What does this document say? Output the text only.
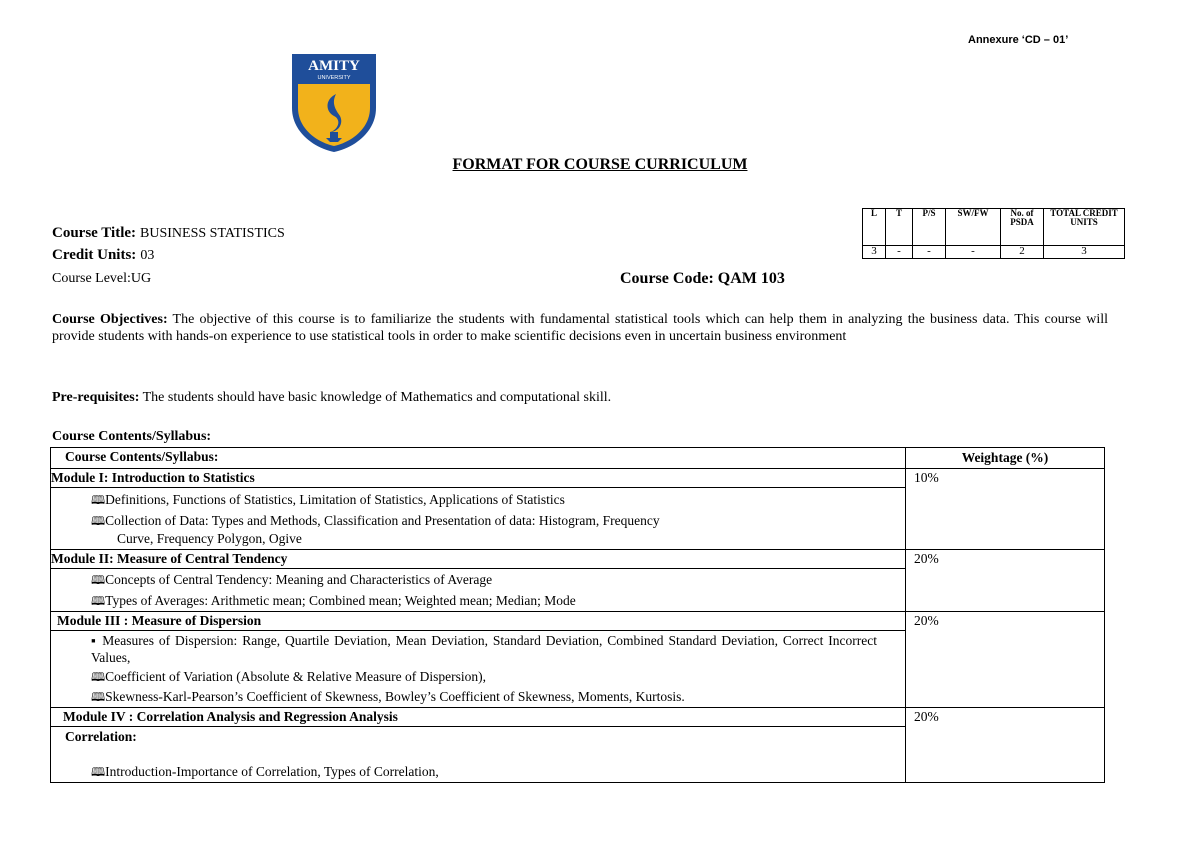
Annexure ‘CD – 01’
AMITY
UNIVERSITY
FORMAT FOR COURSE CURRICULUM
Course Title: BUSINESS STATISTICS
Credit Units: 03
Course Level:UG	Course Code: QAM 103
L	T	P/S	SW/FW	No. of PSDA	TOTAL CREDIT UNITS
3	-	-	-	2	3
Course Objectives: The objective of this course is to familiarize the students with fundamental statistical tools which can help them in analyzing the business data. This course will provide students with hands-on experience to use statistical tools in order to make scientific decisions even in uncertain business environment
Pre-requisites: The students should have basic knowledge of Mathematics and computational skill.
Course Contents/Syllabus:
Course Contents/Syllabus:	Weightage (%)
Module I: Introduction to Statistics	10%

🕮Definitions, Functions of Statistics, Limitation of Statistics, Applications of Statistics
🕮Collection of Data: Types and Methods, Classification and Presentation of data: Histogram, Frequency
Curve, Frequency Polygon, Ogive	

Module II: Measure of Central Tendency	20%

🕮Concepts of Central Tendency: Meaning and Characteristics of Average
🕮Types of Averages: Arithmetic mean; Combined mean; Weighted mean; Median; Mode	

Module III : Measure of Dispersion	20%

▪ Measures of Dispersion: Range, Quartile Deviation, Mean Deviation, Standard Deviation, Combined Standard Deviation, Correct Incorrect Values,
🕮Coefficient of Variation (Absolute & Relative Measure of Dispersion),
🕮Skewness-Karl-Pearson’s Coefficient of Skewness, Bowley’s Coefficient of Skewness, Moments, Kurtosis.	

Module IV : Correlation Analysis and Regression Analysis	20%

Correlation:
🕮Introduction-Importance of Correlation, Types of Correlation,	
